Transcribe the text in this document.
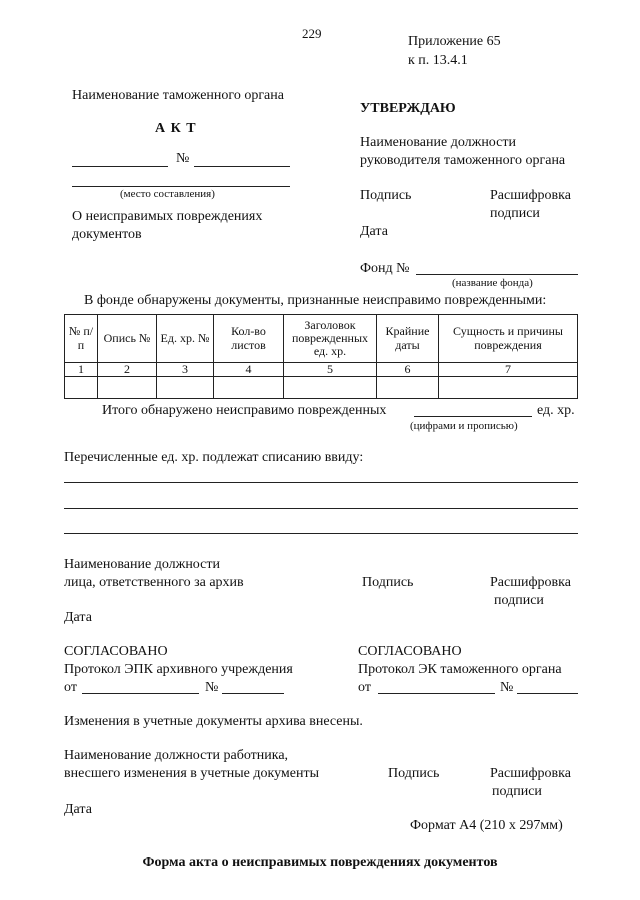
229
Приложение 65
к п. 13.4.1
Наименование таможенного органа
А К Т
№
(место составления)
О неисправимых повреждениях
документов
УТВЕРЖДАЮ
Наименование должности
руководителя таможенного органа
Подпись	Расшифровка
подписи
Дата
Фонд №
(название фонда)
В фонде обнаружены документы, признанные неисправимо поврежденными:
№ п/п	Опись №	Ед. хр. №	Кол-во листов	Заголовок поврежденных ед. хр.	Крайние даты	Сущность и причины повреждения
1	2	3	4	5	6	7

Итого обнаружено неисправимо поврежденных	ед. хр.
(цифрами и прописью)
Перечисленные ед. хр. подлежат списанию ввиду:
Наименование должности
лица, ответственного за архив	Подпись	Расшифровка
подписи
Дата
СОГЛАСОВАНО
Протокол ЭПК архивного учреждения
от	№
СОГЛАСОВАНО
Протокол ЭК таможенного органа
от	№
Изменения в учетные документы архива внесены.
Наименование должности работника,
внесшего изменения в учетные документы	Подпись	Расшифровка
подписи
Дата
Формат А4 (210 х 297мм)
Форма акта о неисправимых повреждениях документов
